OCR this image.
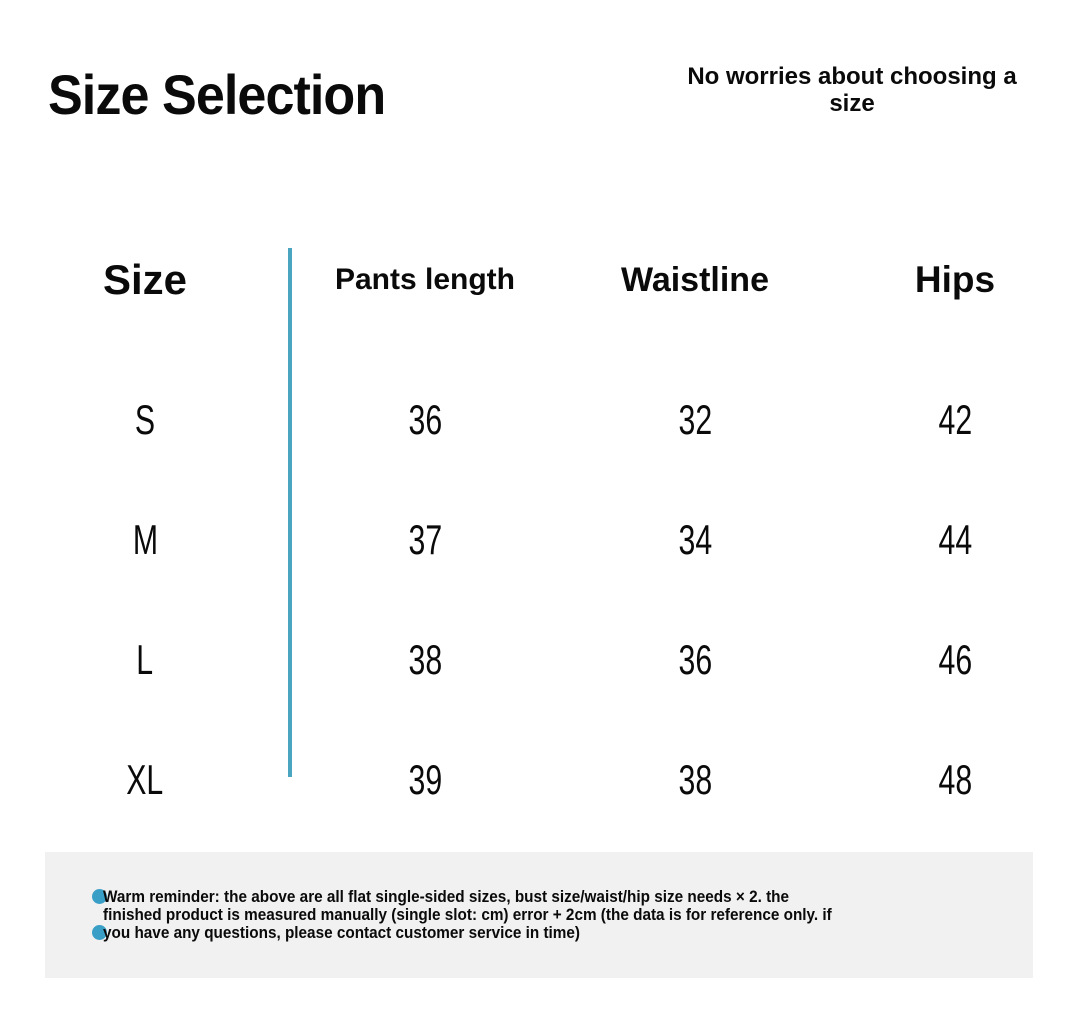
Size Selection	No worries about choosing a size
Size	Pants length	Waistline	Hips
S	36	32	42
M	37	34	44
L	38	36	46
XL	39	38	48
Warm reminder: the above are all flat single-sided sizes, bust size/waist/hip size needs × 2. the
finished product is measured manually (single slot: cm) error + 2cm (the data is for reference only. if
you have any questions, please contact customer service in time)
